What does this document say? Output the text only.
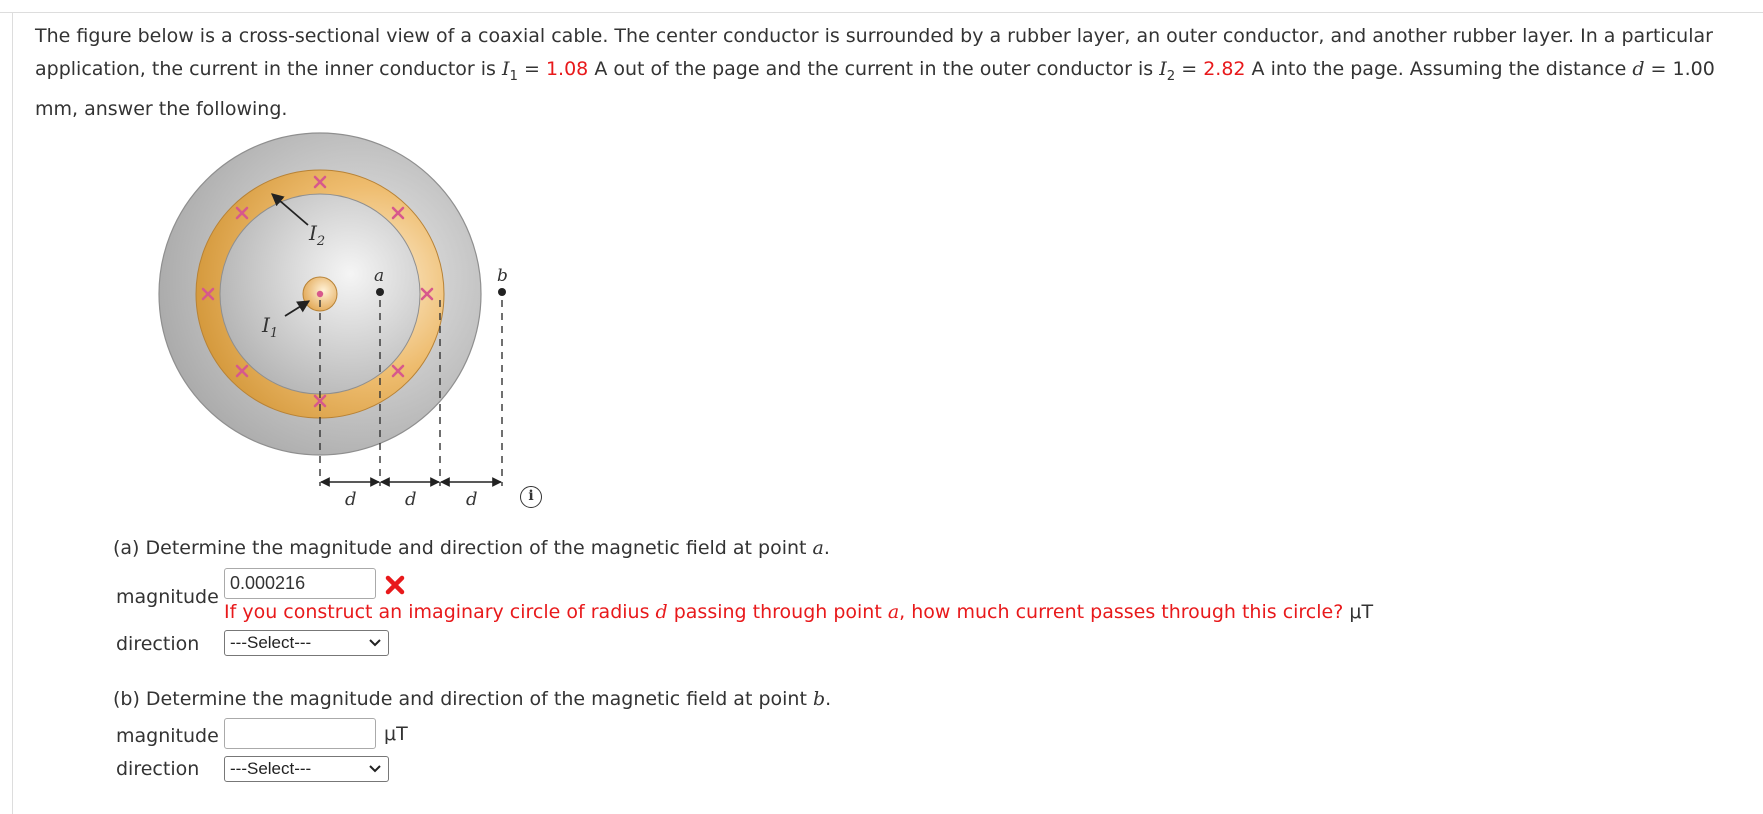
The figure below is a cross-sectional view of a coaxial cable. The center conductor is surrounded by a rubber layer, an outer conductor, and another rubber layer. In a particular application, the current in the inner conductor is $I_1 = 1.08$ A out of the page and the current in the outer conductor is $I_2 = 2.82$ A into the page. Assuming the distance d = 1.00 mm, answer the following.
$I_2$
$I_1$
a	b
d	d	d	i
(a) Determine the magnitude and direction of the magnetic field at point a.
magnitude
0.000216
If you construct an imaginary circle of radius d passing through point a, how much current passes through this circle? μT
direction	---Select---
(b) Determine the magnitude and direction of the magnetic field at point b.
magnitude	μT
direction	---Select---
